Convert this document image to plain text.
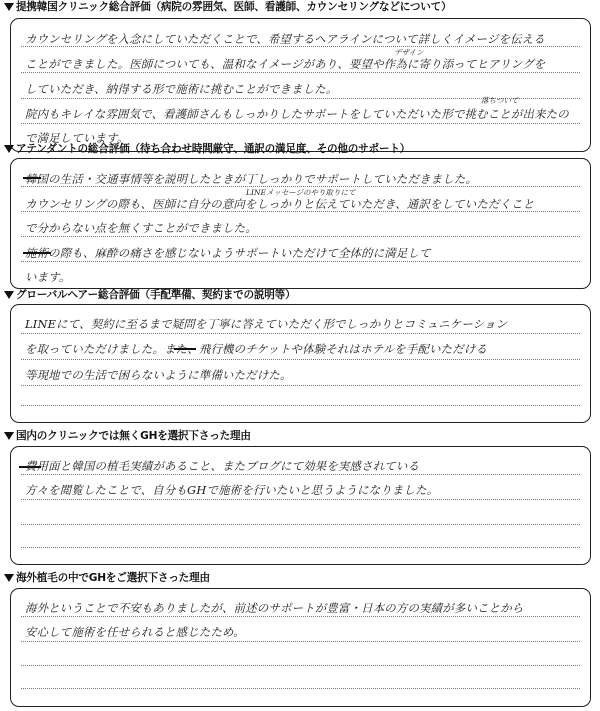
提携韓国クリニック総合評価（病院の雰囲気、医師、看護師、カウンセリングなどについて）
カウンセリングを入念にしていただくことで、希望するヘアラインについて詳しくイメージを伝える
ことができました。医師についても、温和なイメージがあり、要望や作為に寄り添ってヒアリングを
していただき、納得する形で施術に挑むことができました。
院内もキレイな雰囲気で、看護師さんもしっかりしたサポートをしていただいた形で挑むことが出来たの
で満足しています。
デザイン
落ちついて
アテンダントの総合評価（待ち合わせ時間厳守、通訳の満足度、その他のサポート）
韓国の生活・交通事情等を説明したときが丁しっかりでサポートしていただきました。
カウンセリングの際も、医師に自分の意向をしっかりと伝えていただき、通訳をしていただくこと
で分からない点を無くすことができました。
施術の際も、麻酔の痛さを感じないようサポートいただけて全体的に満足して
います。
LINEメッセージのやり取りにて
グローバルヘアー総合評価（手配準備、契約までの説明等）
LINEにて、契約に至るまで疑問を丁寧に答えていただく形でしっかりとコミュニケーション
を取っていただけました。また、飛行機のチケットや体験それはホテルを手配いただける
等現地での生活で困らないように準備いただけた。
国内のクリニックでは無くGHを選択下さった理由
費用面と韓国の植毛実績があること、またブログにて効果を実感されている
方々を閲覧したことで、自分もGHで施術を行いたいと思うようになりました。
海外植毛の中でGHをご選択下さった理由
海外ということで不安もありましたが、前述のサポートが豊富・日本の方の実績が多いことから
安心して施術を任せられると感じたため。
